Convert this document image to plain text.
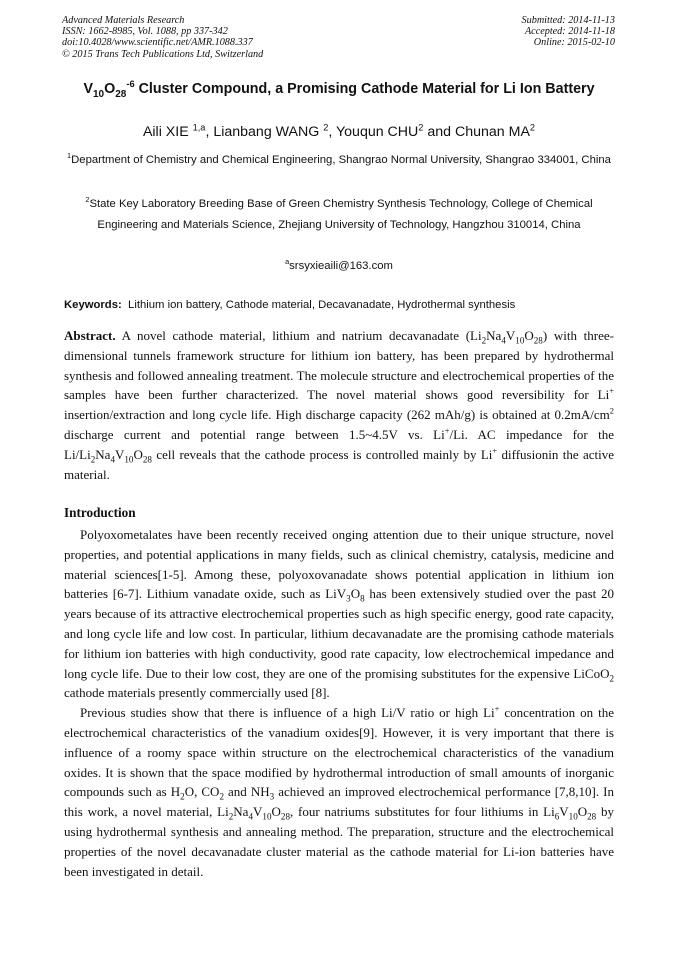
Advanced Materials Research
ISSN: 1662-8985, Vol. 1088, pp 337-342
doi:10.4028/www.scientific.net/AMR.1088.337
© 2015 Trans Tech Publications Ltd, Switzerland
Submitted: 2014-11-13
Accepted: 2014-11-18
Online: 2015-02-10
$V_{10}O_{28}^{-6}$ Cluster Compound, a Promising Cathode Material for Li Ion Battery
Aili XIE $^{1,a}$, Lianbang WANG $^2$, Youqun CHU$^2$ and Chunan $MA^2$
$^1$Department of Chemistry and Chemical Engineering, Shangrao Normal University, Shangrao 334001, China
$^2$State Key Laboratory Breeding Base of Green Chemistry Synthesis Technology, College of Chemical Engineering and Materials Science, Zhejiang University of Technology, Hangzhou 310014, China
$^a$srsyxieaili@163.com
Keywords: Lithium ion battery, Cathode material, Decavanadate, Hydrothermal synthesis
Abstract. A novel cathode material, lithium and natrium decavanadate $(Li_2Na_4V_{10}O_{28})$ with three-dimensional tunnels framework structure for lithium ion battery, has been prepared by hydrothermal synthesis and followed annealing treatment. The molecule structure and electrochemical properties of the samples have been further characterized. The novel material shows good reversibility for Li+ insertion/extraction and long cycle life. High discharge capacity (262 mAh/g) is obtained at $0.2mA/cm^2$ discharge current and potential range between 1.5~4.5V vs. Li+/Li. AC impedance for the $Li/Li_2Na_4V_{10}O_{28}$ cell reveals that the cathode process is controlled mainly by Li+ diffusionin the active material.
Introduction

Polyoxometalates have been recently received onging attention due to their unique structure, novel properties, and potential applications in many fields, such as clinical chemistry, catalysis, medicine and material sciences[1-5]. Among these, polyoxovanadate shows potential application in lithium ion batteries [6-7]. Lithium vanadate oxide, such as $LiV_3O_8$ has been extensively studied over the past 20 years because of its attractive electrochemical properties such as high specific energy, good rate capacity, and long cycle life and low cost. In particular, lithium decavanadate are the promising cathode materials for lithium ion batteries with high conductivity, good rate capacity, low electrochemical impedance and long cycle life. Due to their low cost, they are one of the promising substitutes for the expensive LiCoO$_2$ cathode materials presently commercially used [8].

Previous studies show that there is influence of a high Li/V ratio or high Li+ concentration on the electrochemical characteristics of the vanadium oxides[9]. However, it is very important that there is influence of a roomy space within structure on the electrochemical characteristics of the vanadium oxides. It is shown that the space modified by hydrothermal introduction of small amounts of inorganic compounds such as $H_2O$, $CO_2$ and $NH_3$ achieved an improved electrochemical performance [7,8,10]. In this work, a novel material, $Li_2Na_4V_{10}O_{28}$, four natriums substitutes for four lithiums in $Li_6V_{10}O_{28}$ by using hydrothermal synthesis and annealing method. The preparation, structure and the electrochemical properties of the novel decavanadate cluster material as the cathode material for Li-ion batteries have been investigated in detail.
